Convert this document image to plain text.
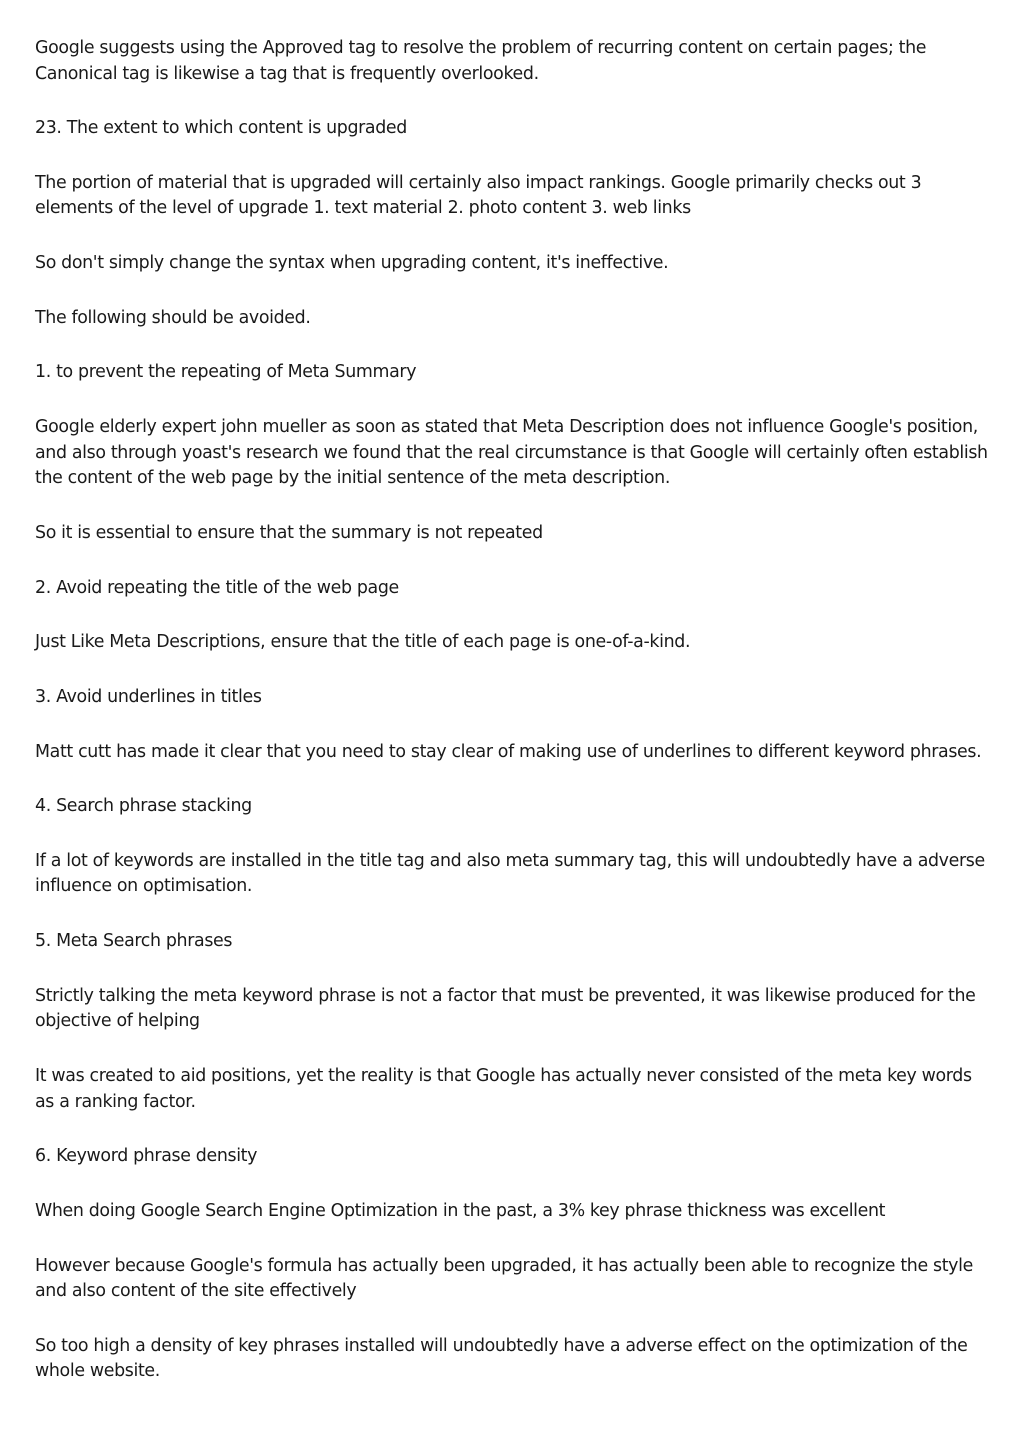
Google suggests using the Approved tag to resolve the problem of recurring content on certain pages; the Canonical tag is likewise a tag that is frequently overlooked.

23. The extent to which content is upgraded

The portion of material that is upgraded will certainly also impact rankings. Google primarily checks out 3 elements of the level of upgrade 1. text material 2. photo content 3. web links

So don't simply change the syntax when upgrading content, it's ineffective.

The following should be avoided.

1. to prevent the repeating of Meta Summary

Google elderly expert john mueller as soon as stated that Meta Description does not influence Google's position, and also through yoast's research we found that the real circumstance is that Google will certainly often establish the content of the web page by the initial sentence of the meta description.

So it is essential to ensure that the summary is not repeated

2. Avoid repeating the title of the web page

Just Like Meta Descriptions, ensure that the title of each page is one-of-a-kind.

3. Avoid underlines in titles

Matt cutt has made it clear that you need to stay clear of making use of underlines to different keyword phrases.

4. Search phrase stacking

If a lot of keywords are installed in the title tag and also meta summary tag, this will undoubtedly have a adverse influence on optimisation.

5. Meta Search phrases

Strictly talking the meta keyword phrase is not a factor that must be prevented, it was likewise produced for the objective of helping

It was created to aid positions, yet the reality is that Google has actually never consisted of the meta key words as a ranking factor.

6. Keyword phrase density

When doing Google Search Engine Optimization in the past, a 3% key phrase thickness was excellent

However because Google's formula has actually been upgraded, it has actually been able to recognize the style and also content of the site effectively

So too high a density of key phrases installed will undoubtedly have a adverse effect on the optimization of the whole website.
